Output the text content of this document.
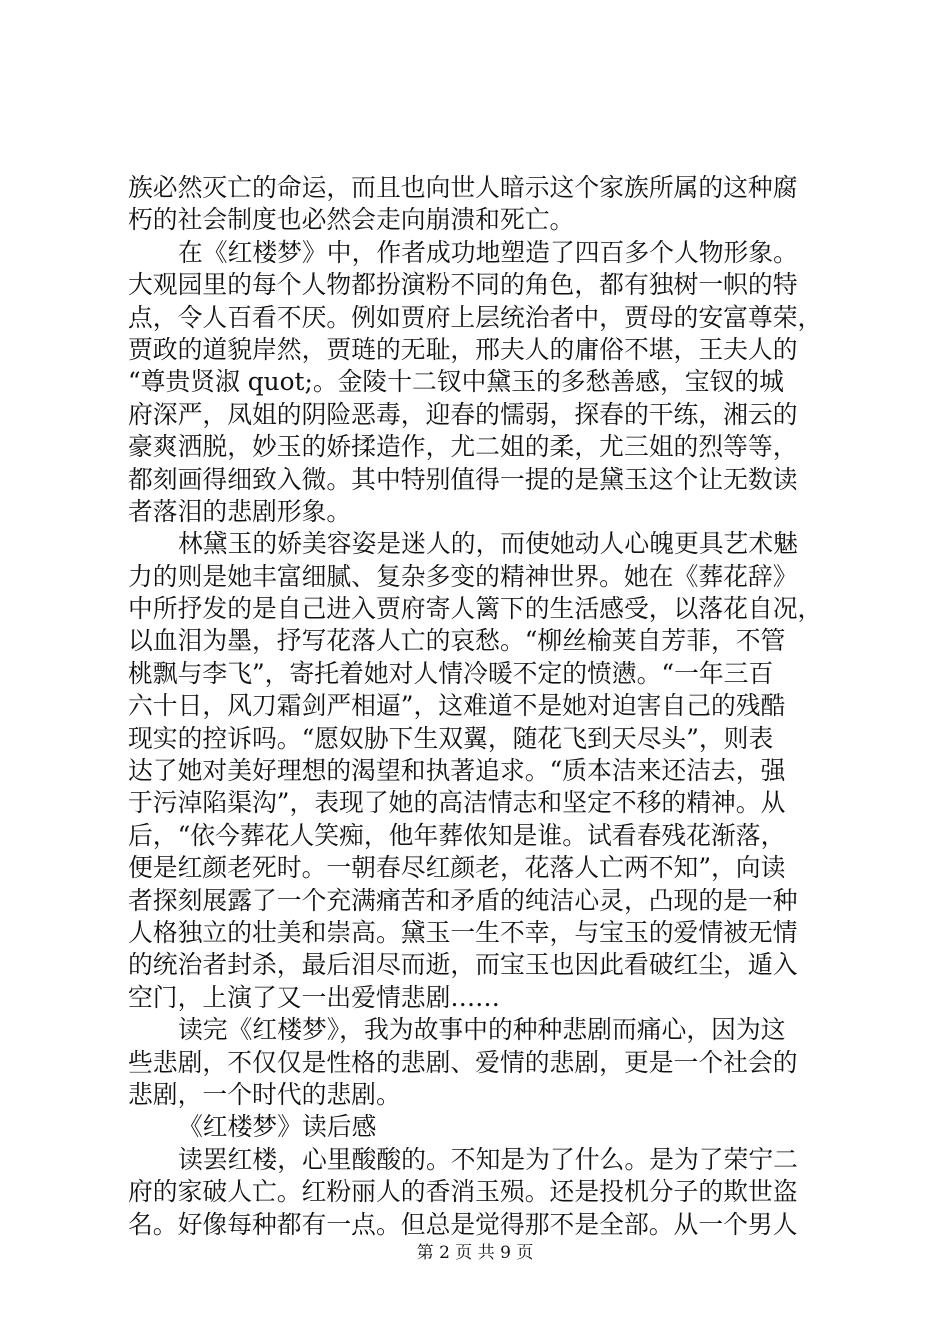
族必然灭亡的命运，而且也向世人暗示这个家族所属的这种腐
朽的社会制度也必然会走向崩溃和死亡。
在《红楼梦》中，作者成功地塑造了四百多个人物形象。
大观园里的每个人物都扮演粉不同的角色，都有独树一帜的特
点，令人百看不厌。例如贾府上层统治者中，贾母的安富尊荣，
贾政的道貌岸然，贾琏的无耻，邢夫人的庸俗不堪，王夫人的
“尊贵贤淑 quot;。金陵十二钗中黛玉的多愁善感，宝钗的城
府深严，凤姐的阴险恶毒，迎春的懦弱，探春的干练，湘云的
豪爽洒脱，妙玉的娇揉造作，尤二姐的柔，尤三姐的烈等等，
都刻画得细致入微。其中特别值得一提的是黛玉这个让无数读
者落泪的悲剧形象。
林黛玉的娇美容姿是迷人的，而使她动人心魄更具艺术魅
力的则是她丰富细腻、复杂多变的精神世界。她在《葬花辞》
中所抒发的是自己进入贾府寄人篱下的生活感受，以落花自况，
以血泪为墨，抒写花落人亡的哀愁。“柳丝榆荚自芳菲，不管
桃飘与李飞”，寄托着她对人情冷暖不定的愤懑。“一年三百
六十日，风刀霜剑严相逼”，这难道不是她对迫害自己的残酷
现实的控诉吗。“愿奴胁下生双翼，随花飞到天尽头”，则表
达了她对美好理想的渴望和执著追求。“质本洁来还洁去，强
于污淖陷渠沟”，表现了她的高洁情志和坚定不移的精神。从
后，“依今葬花人笑痴，他年葬侬知是谁。试看春残花渐落，
便是红颜老死时。一朝春尽红颜老，花落人亡两不知”，向读
者探刻展露了一个充满痛苦和矛盾的纯洁心灵，凸现的是一种
人格独立的壮美和崇高。黛玉一生不幸，与宝玉的爱情被无情
的统治者封杀，最后泪尽而逝，而宝玉也因此看破红尘，遁入
空门，上演了又一出爱情悲剧……
读完《红楼梦》，我为故事中的种种悲剧而痛心，因为这
些悲剧，不仅仅是性格的悲剧、爱情的悲剧，更是一个社会的
悲剧，一个时代的悲剧。
《红楼梦》读后感
读罢红楼，心里酸酸的。不知是为了什么。是为了荣宁二
府的家破人亡。红粉丽人的香消玉殒。还是投机分子的欺世盗
名。好像每种都有一点。但总是觉得那不是全部。从一个男人
第 2 页 共 9 页
